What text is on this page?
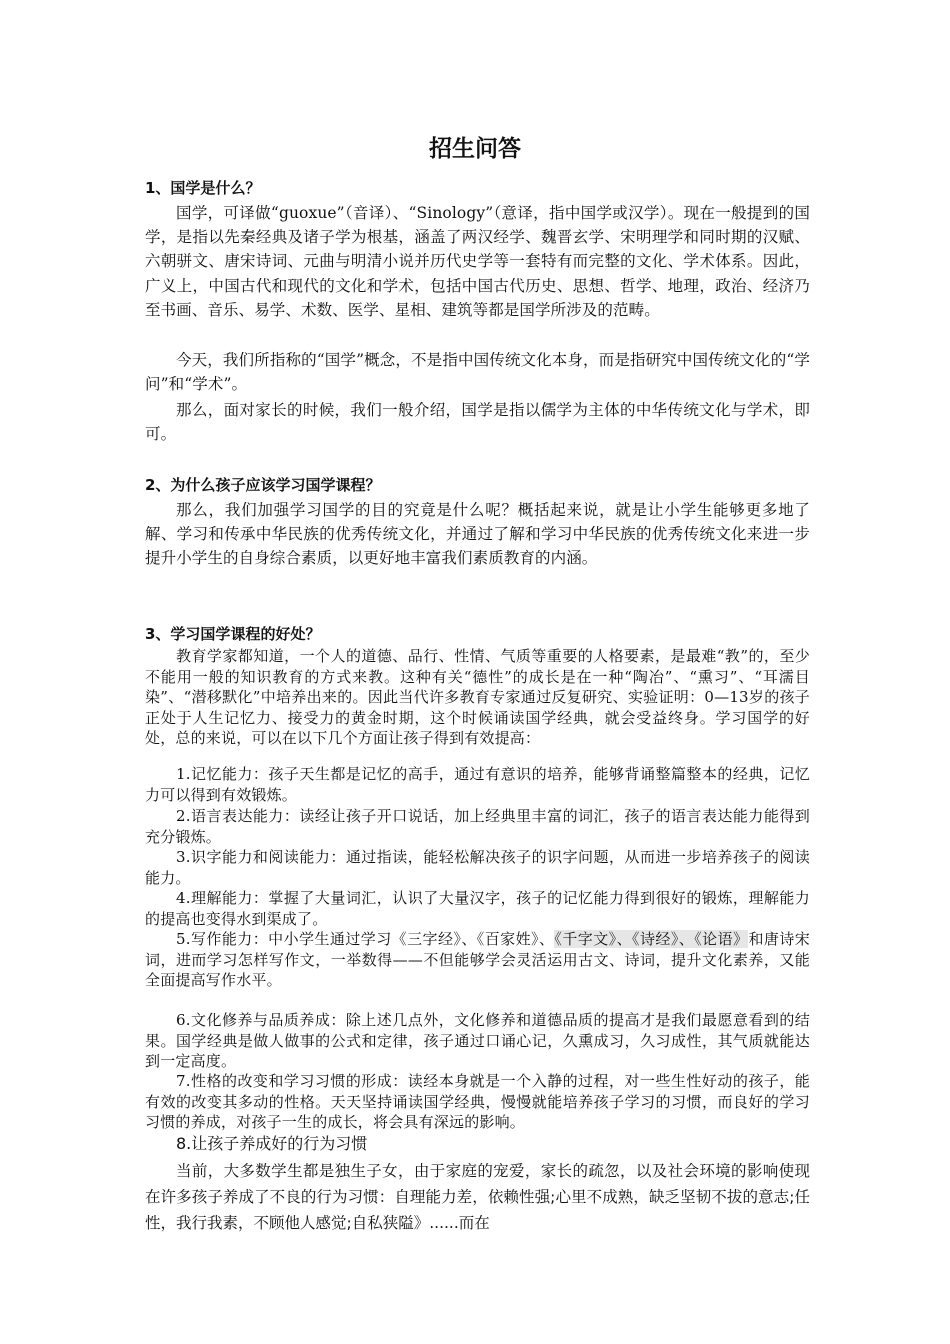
招生问答
1、国学是什么？

国学，可译做“guoxue”（音译）、“Sinology”（意译，指中国学或汉学）。现在一般提到的国学，是指以先秦经典及诸子学为根基，涵盖了两汉经学、魏晋玄学、宋明理学和同时期的汉赋、六朝骈文、唐宋诗词、元曲与明清小说并历代史学等一套特有而完整的文化、学术体系。因此，广义上，中国古代和现代的文化和学术，包括中国古代历史、思想、哲学、地理，政治、经济乃至书画、音乐、易学、术数、医学、星相、建筑等都是国学所涉及的范畴。

今天，我们所指称的“国学”概念，不是指中国传统文化本身，而是指研究中国传统文化的“学问”和“学术”。

那么，面对家长的时候，我们一般介绍，国学是指以儒学为主体的中华传统文化与学术，即可。

2、为什么孩子应该学习国学课程？

那么，我们加强学习国学的目的究竟是什么呢？概括起来说，就是让小学生能够更多地了解、学习和传承中华民族的优秀传统文化，并通过了解和学习中华民族的优秀传统文化来进一步提升小学生的自身综合素质，以更好地丰富我们素质教育的内涵。

3、学习国学课程的好处？

教育学家都知道，一个人的道德、品行、性情、气质等重要的人格要素，是最难“教”的，至少不能用一般的知识教育的方式来教。这种有关“德性”的成长是在一种“陶冶”、“熏习”、“耳濡目染”、“潜移默化”中培养出来的。因此当代许多教育专家通过反复研究、实验证明：0—13岁的孩子正处于人生记忆力、接受力的黄金时期，这个时候诵读国学经典，就会受益终身。学习国学的好处，总的来说，可以在以下几个方面让孩子得到有效提高：

1.记忆能力：孩子天生都是记忆的高手，通过有意识的培养，能够背诵整篇整本的经典，记忆力可以得到有效锻炼。

2.语言表达能力：读经让孩子开口说话，加上经典里丰富的词汇，孩子的语言表达能力能得到充分锻炼。

3.识字能力和阅读能力：通过指读，能轻松解决孩子的识字问题，从而进一步培养孩子的阅读能力。

4.理解能力：掌握了大量词汇，认识了大量汉字，孩子的记忆能力得到很好的锻炼，理解能力的提高也变得水到渠成了。

5.写作能力：中小学生通过学习《三字经》、《百家姓》、《千字文》、《诗经》、《论语》和唐诗宋词，进而学习怎样写作文，一举数得——不但能够学会灵活运用古文、诗词，提升文化素养，又能全面提高写作水平。

6.文化修养与品质养成：除上述几点外，文化修养和道德品质的提高才是我们最愿意看到的结果。国学经典是做人做事的公式和定律，孩子通过口诵心记，久熏成习，久习成性，其气质就能达到一定高度。

7.性格的改变和学习习惯的形成：读经本身就是一个入静的过程，对一些生性好动的孩子，能有效的改变其多动的性格。天天坚持诵读国学经典，慢慢就能培养孩子学习的习惯，而良好的学习习惯的养成，对孩子一生的成长，将会具有深远的影响。

8.让孩子养成好的行为习惯

当前，大多数学生都是独生子女，由于家庭的宠爱，家长的疏忽，以及社会环境的影响使现在许多孩子养成了不良的行为习惯：自理能力差，依赖性强;心里不成熟，缺乏坚韧不拔的意志;任性，我行我素，不顾他人感觉;自私狭隘》......而在
